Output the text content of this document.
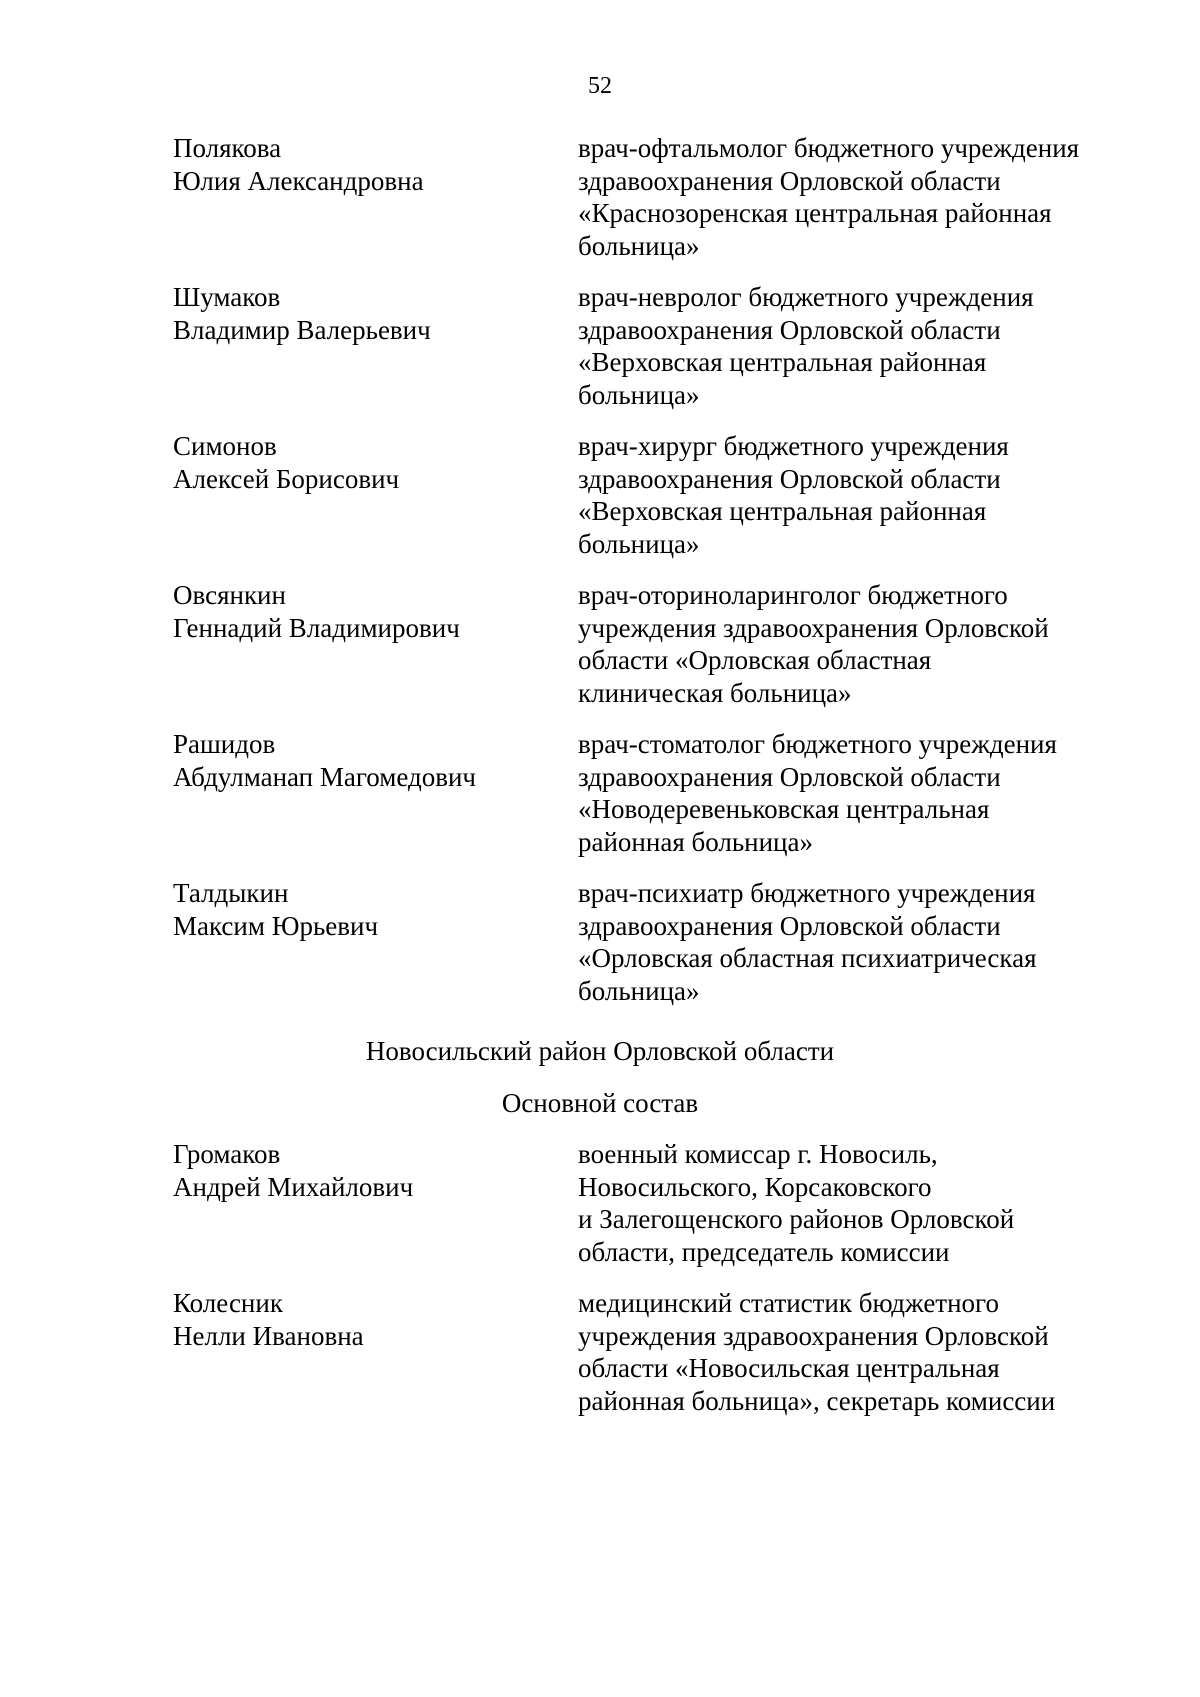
52
Полякова
Юлия Александровна
врач-офтальмолог бюджетного учреждения
здравоохранения Орловской области
«Краснозоренская центральная районная
больница»
Шумаков
Владимир Валерьевич
врач-невролог бюджетного учреждения
здравоохранения Орловской области
«Верховская центральная районная
больница»
Симонов
Алексей Борисович
врач-хирург бюджетного учреждения
здравоохранения Орловской области
«Верховская центральная районная
больница»
Овсянкин
Геннадий Владимирович
врач-оториноларинголог бюджетного
учреждения здравоохранения Орловской
области «Орловская областная
клиническая больница»
Рашидов
Абдулманап Магомедович
врач-стоматолог бюджетного учреждения
здравоохранения Орловской области
«Новодеревеньковская центральная
районная больница»
Талдыкин
Максим Юрьевич
врач-психиатр бюджетного учреждения
здравоохранения Орловской области
«Орловская областная психиатрическая
больница»
Новосильский район Орловской области
Основной состав
Громаков
Андрей Михайлович
военный комиссар г. Новосиль,
Новосильского, Корсаковского
и Залегощенского районов Орловской
области, председатель комиссии
Колесник
Нелли Ивановна
медицинский статистик бюджетного
учреждения здравоохранения Орловской
области «Новосильская центральная
районная больница», секретарь комиссии
